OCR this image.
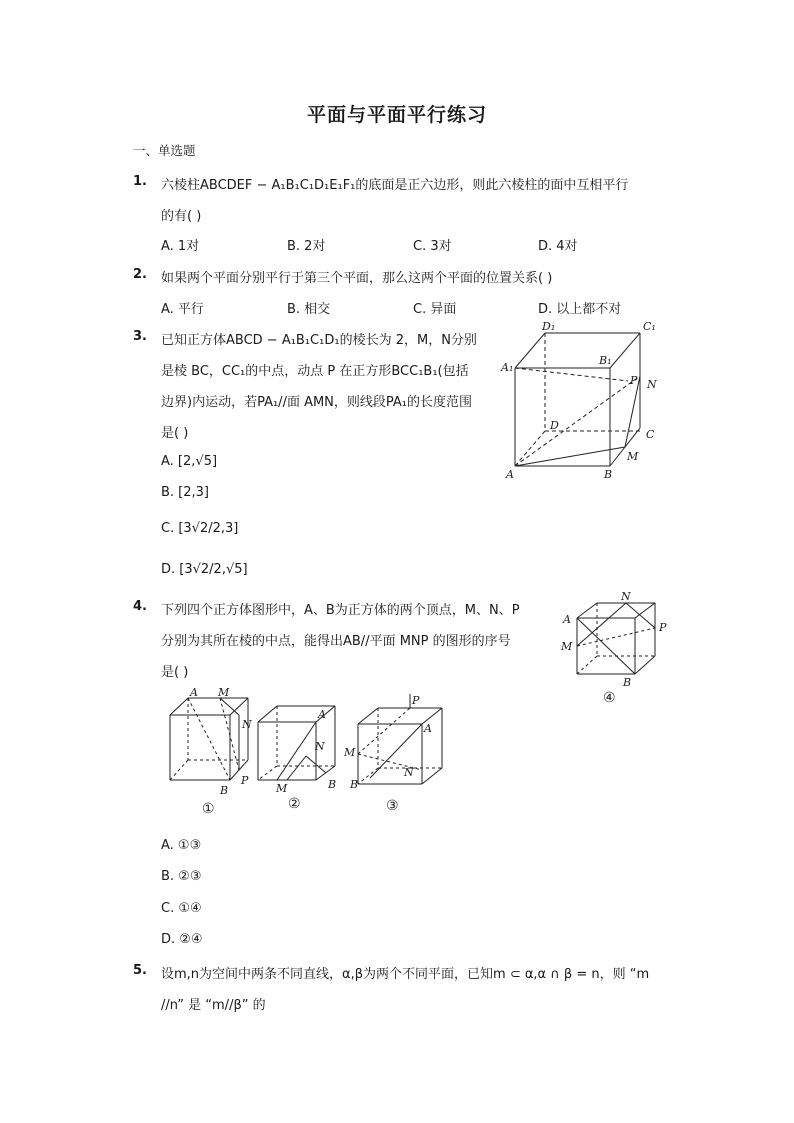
平面与平面平行练习
一、单选题
1. 六棱柱ABCDEF − A₁B₁C₁D₁E₁F₁的底面是正六边形，则此六棱柱的面中互相平行
的有( )
A. 1对	B. 2对	C. 3对	D. 4对
2. 如果两个平面分别平行于第三个平面，那么这两个平面的位置关系( )
A. 平行	B. 相交	C. 异面	D. 以上都不对
3. 已知正方体ABCD − A₁B₁C₁D₁的棱长为 2，M，N分别
是棱 BC，CC₁的中点，动点 P 在正方形BCC₁B₁(包括
边界)内运动，若PA₁//面 AMN，则线段PA₁的长度范围
是( )
A. [2,√5]
B. [2,3]
C. [3√2/2,3]
D. [3√2/2,√5]
D₁	C₁
A₁
B₁
P N
D
C
M
A	B
4. 下列四个正方体图形中，A、B为正方体的两个顶点，M、N、P
分别为其所在棱的中点，能得出AB//平面 MNP 的图形的序号
是( )
N
A
P
M
B
④
A M
N
P
B
①
A
N
M	B
②
P
A
M
N
B
③
A. ①③
B. ②③
C. ①④
D. ②④
5. 设m,n为空间中两条不同直线，α,β为两个不同平面，已知m ⊂ α,α ∩ β = n，则 “m
//n” 是 “m//β” 的
